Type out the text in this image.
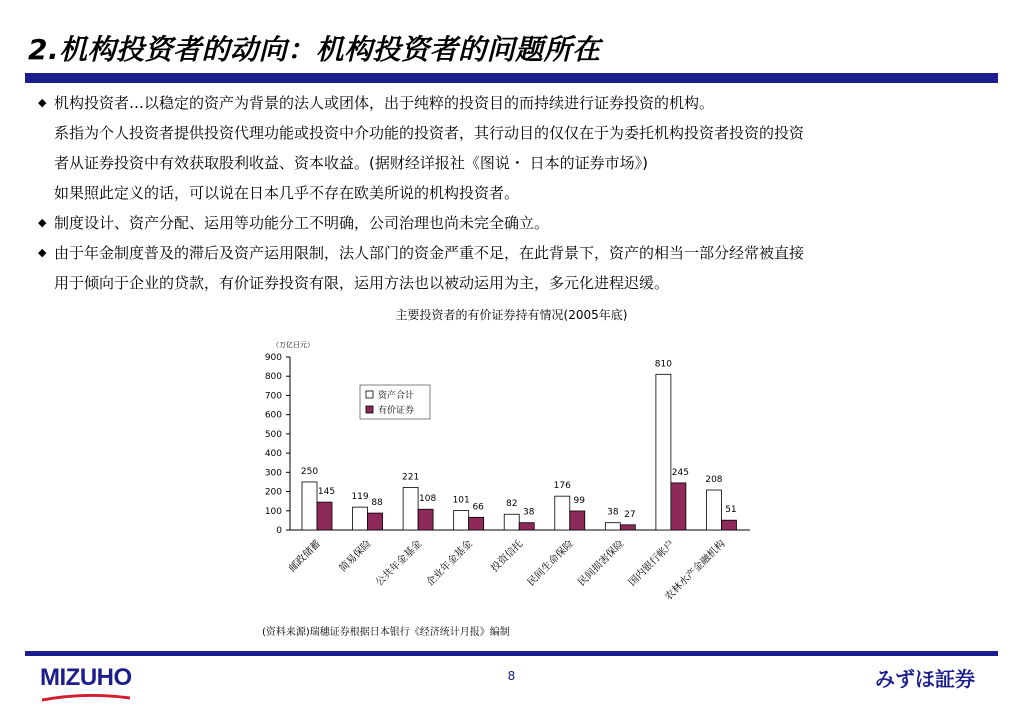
2.机构投资者的动向：机构投资者的问题所在
◆ 机构投资者…以稳定的资产为背景的法人或团体，出于纯粹的投资目的而持续进行证券投资的机构。
系指为个人投资者提供投资代理功能或投资中介功能的投资者，其行动目的仅仅在于为委托机构投资者投资的投资
者从证券投资中有效获取股利收益、资本收益。(据财经详报社《图说・ 日本的证券市场》)
如果照此定义的话，可以说在日本几乎不存在欧美所说的机构投资者。
◆ 制度设计、资产分配、运用等功能分工不明确，公司治理也尚未完全确立。
◆ 由于年金制度普及的滞后及资产运用限制，法人部门的资金严重不足，在此背景下，资产的相当一部分经常被直接
用于倾向于企业的贷款，有价证券投资有限，运用方法也以被动运用为主，多元化进程迟缓。
主要投资者的有价证券持有情况(2005年底)
（万亿日元）
0
100
200
300
400
500
600
700
800
900
250
145
邮政储蓄
119
88
简易保险
221
108
公共年金基金
101
66
企业年金基金
82
38
投资信托
176
99
民间生命保险
38 27
民间损害保险
810
245
国内银行帐户
208
51
农林水产金融机构
资产合计
有价证券
(资料来源)瑞穗证券根据日本银行《经济统计月报》编制
8
MIZUHO	みずほ証券
